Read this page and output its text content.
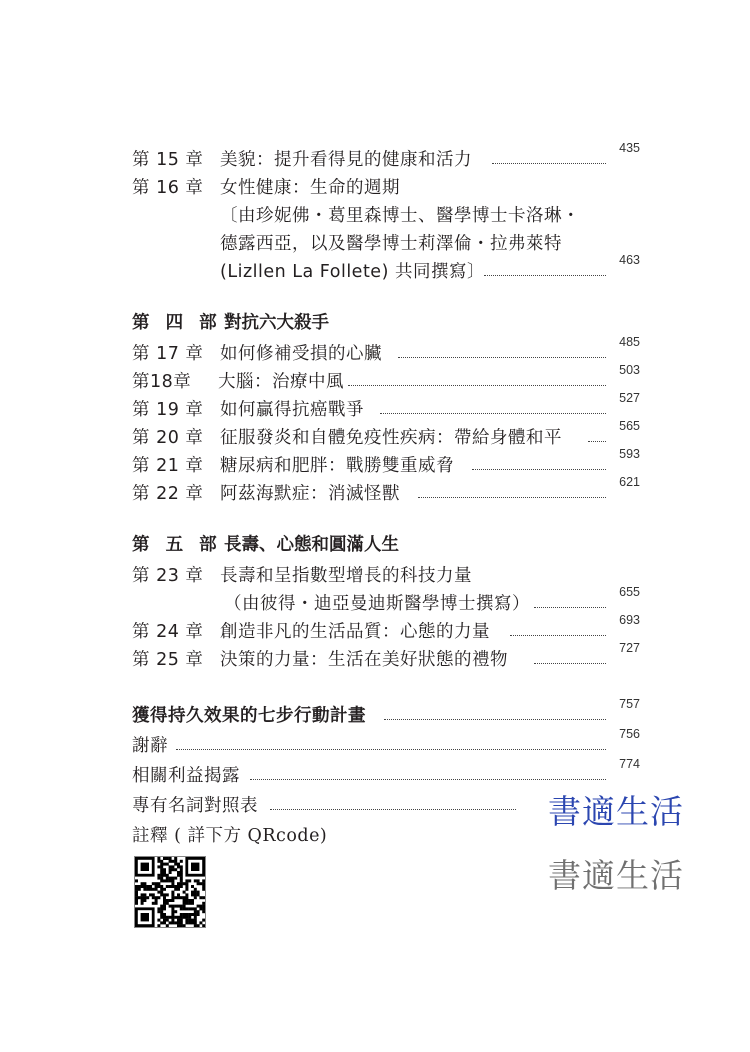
第 15 章 美貌：提升看得見的健康和活力
435
第 16 章 女性健康：生命的週期
〔由珍妮佛・葛里森博士、醫學博士卡洛琳・
德露西亞，以及醫學博士莉澤倫・拉弗萊特
(Lizllen La Follete) 共同撰寫〕
463
第 四 部 對抗六大殺手
第 17 章 如何修補受損的心臟
485
第18章 大腦：治療中風
503
第 19 章 如何贏得抗癌戰爭
527
第 20 章 征服發炎和自體免疫性疾病：帶給身體和平
565
第 21 章 糖尿病和肥胖：戰勝雙重威脅
593
第 22 章 阿茲海默症：消滅怪獸
621
第 五 部 長壽、心態和圓滿人生
第 23 章 長壽和呈指數型增長的科技力量
（由彼得・迪亞曼迪斯醫學博士撰寫）
655
第 24 章 創造非凡的生活品質：心態的力量
693
第 25 章 決策的力量：生活在美好狀態的禮物
727
獲得持久效果的七步行動計畫
757
謝辭
756
相關利益揭露
774
專有名詞對照表
註釋 ( 詳下方 QRcode)
書適生活
書適生活
